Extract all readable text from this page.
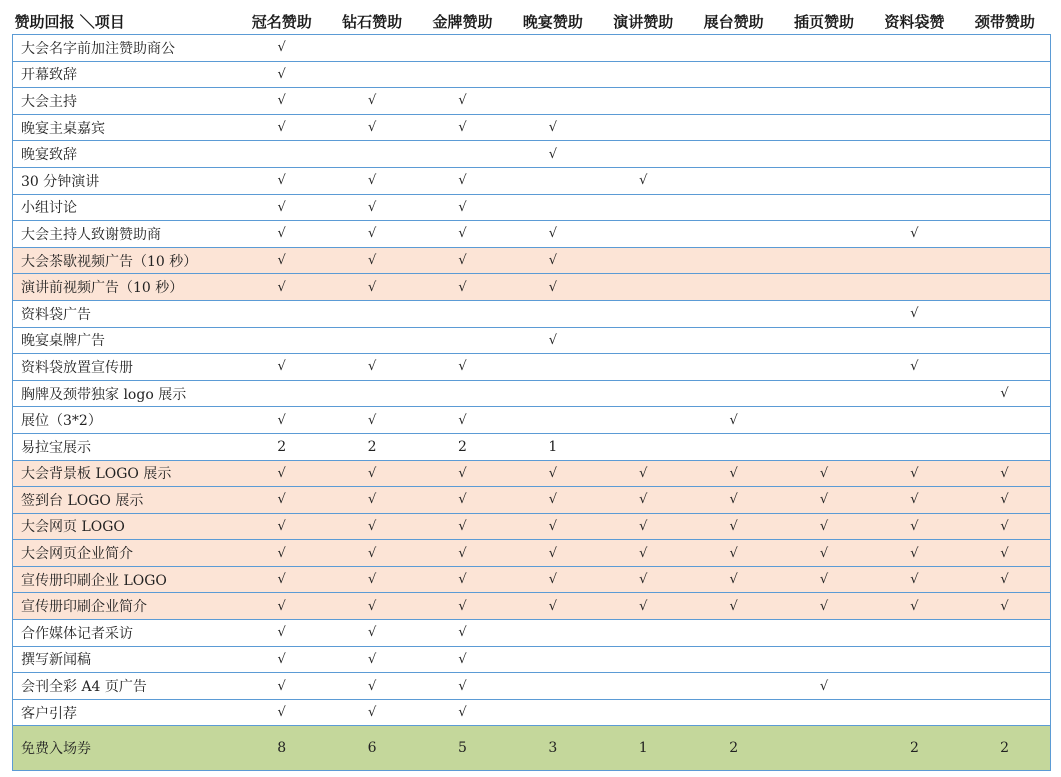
赞助回报 ＼项目	冠名赞助	钻石赞助	金牌赞助	晚宴赞助	演讲赞助	展台赞助	插页赞助	资料袋赞	颈带赞助
大会名字前加注赞助商公	√								
开幕致辞	√								
大会主持	√	√	√						
晚宴主桌嘉宾	√	√	√	√					
晚宴致辞				√					
30 分钟演讲	√	√	√		√				
小组讨论	√	√	√						
大会主持人致谢赞助商	√	√	√	√				√	
大会茶歇视频广告（10 秒）	√	√	√	√					
演讲前视频广告（10 秒）	√	√	√	√					
资料袋广告								√	
晚宴桌牌广告				√					
资料袋放置宣传册	√	√	√					√	
胸牌及颈带独家 logo 展示									√
展位（3*2）	√	√	√			√			
易拉宝展示	2	2	2	1					
大会背景板 LOGO 展示	√	√	√	√	√	√	√	√	√
签到台 LOGO 展示	√	√	√	√	√	√	√	√	√
大会网页 LOGO	√	√	√	√	√	√	√	√	√
大会网页企业简介	√	√	√	√	√	√	√	√	√
宣传册印刷企业 LOGO	√	√	√	√	√	√	√	√	√
宣传册印刷企业简介	√	√	√	√	√	√	√	√	√
合作媒体记者采访	√	√	√						
撰写新闻稿	√	√	√						
会刊全彩 A4 页广告	√	√	√				√		
客户引荐	√	√	√						
免费入场券	8	6	5	3	1	2		2	2
